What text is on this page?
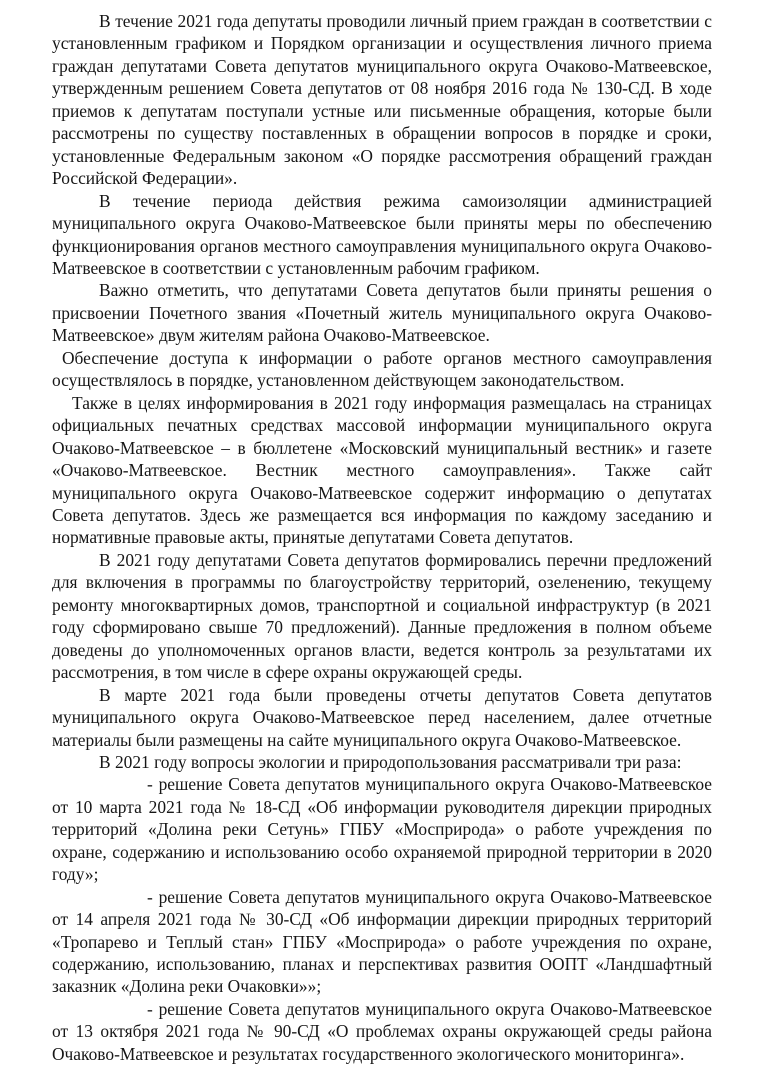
В течение 2021 года депутаты проводили личный прием граждан в соответствии с установленным графиком и Порядком организации и осуществления личного приема граждан депутатами Совета депутатов муниципального округа Очаково-Матвеевское, утвержденным решением Совета депутатов от 08 ноября 2016 года № 130-СД. В ходе приемов к депутатам поступали устные или письменные обращения, которые были рассмотрены по существу поставленных в обращении вопросов в порядке и сроки, установленные Федеральным законом «О порядке рассмотрения обращений граждан Российской Федерации».

В течение периода действия режима самоизоляции администрацией муниципального округа Очаково-Матвеевское были приняты меры по обеспечению функционирования органов местного самоуправления муниципального округа Очаково-Матвеевское в соответствии с установленным рабочим графиком.

Важно отметить, что депутатами Совета депутатов были приняты решения о присвоении Почетного звания «Почетный житель муниципального округа Очаково-Матвеевское» двум жителям района Очаково-Матвеевское.

Обеспечение доступа к информации о работе органов местного самоуправления осуществлялось в порядке, установленном действующем законодательством.

Также в целях информирования в 2021 году информация размещалась на страницах официальных печатных средствах массовой информации муниципального округа Очаково-Матвеевское – в бюллетене «Московский муниципальный вестник» и газете «Очаково-Матвеевское. Вестник местного самоуправления». Также сайт муниципального округа Очаково-Матвеевское содержит информацию о депутатах Совета депутатов. Здесь же размещается вся информация по каждому заседанию и нормативные правовые акты, принятые депутатами Совета депутатов.

В 2021 году депутатами Совета депутатов формировались перечни предложений для включения в программы по благоустройству территорий, озеленению, текущему ремонту многоквартирных домов, транспортной и социальной инфраструктур (в 2021 году сформировано свыше 70 предложений). Данные предложения в полном объеме доведены до уполномоченных органов власти, ведется контроль за результатами их рассмотрения, в том числе в сфере охраны окружающей среды.

В марте 2021 года были проведены отчеты депутатов Совета депутатов муниципального округа Очаково-Матвеевское перед населением, далее отчетные материалы были размещены на сайте муниципального округа Очаково-Матвеевское.

В 2021 году вопросы экологии и природопользования рассматривали три раза:

- решение Совета депутатов муниципального округа Очаково-Матвеевское от 10 марта 2021 года № 18-СД «Об информации руководителя дирекции природных территорий «Долина реки Сетунь» ГПБУ «Мосприрода» о работе учреждения по охране, содержанию и использованию особо охраняемой природной территории в 2020 году»;

- решение Совета депутатов муниципального округа Очаково-Матвеевское от 14 апреля 2021 года № 30-СД «Об информации дирекции природных территорий «Тропарево и Теплый стан» ГПБУ «Мосприрода» о работе учреждения по охране, содержанию, использованию, планах и перспективах развития ООПТ «Ландшафтный заказник «Долина реки Очаковки»»;

- решение Совета депутатов муниципального округа Очаково-Матвеевское от 13 октября 2021 года № 90-СД «О проблемах охраны окружающей среды района Очаково-Матвеевское и результатах государственного экологического мониторинга».
